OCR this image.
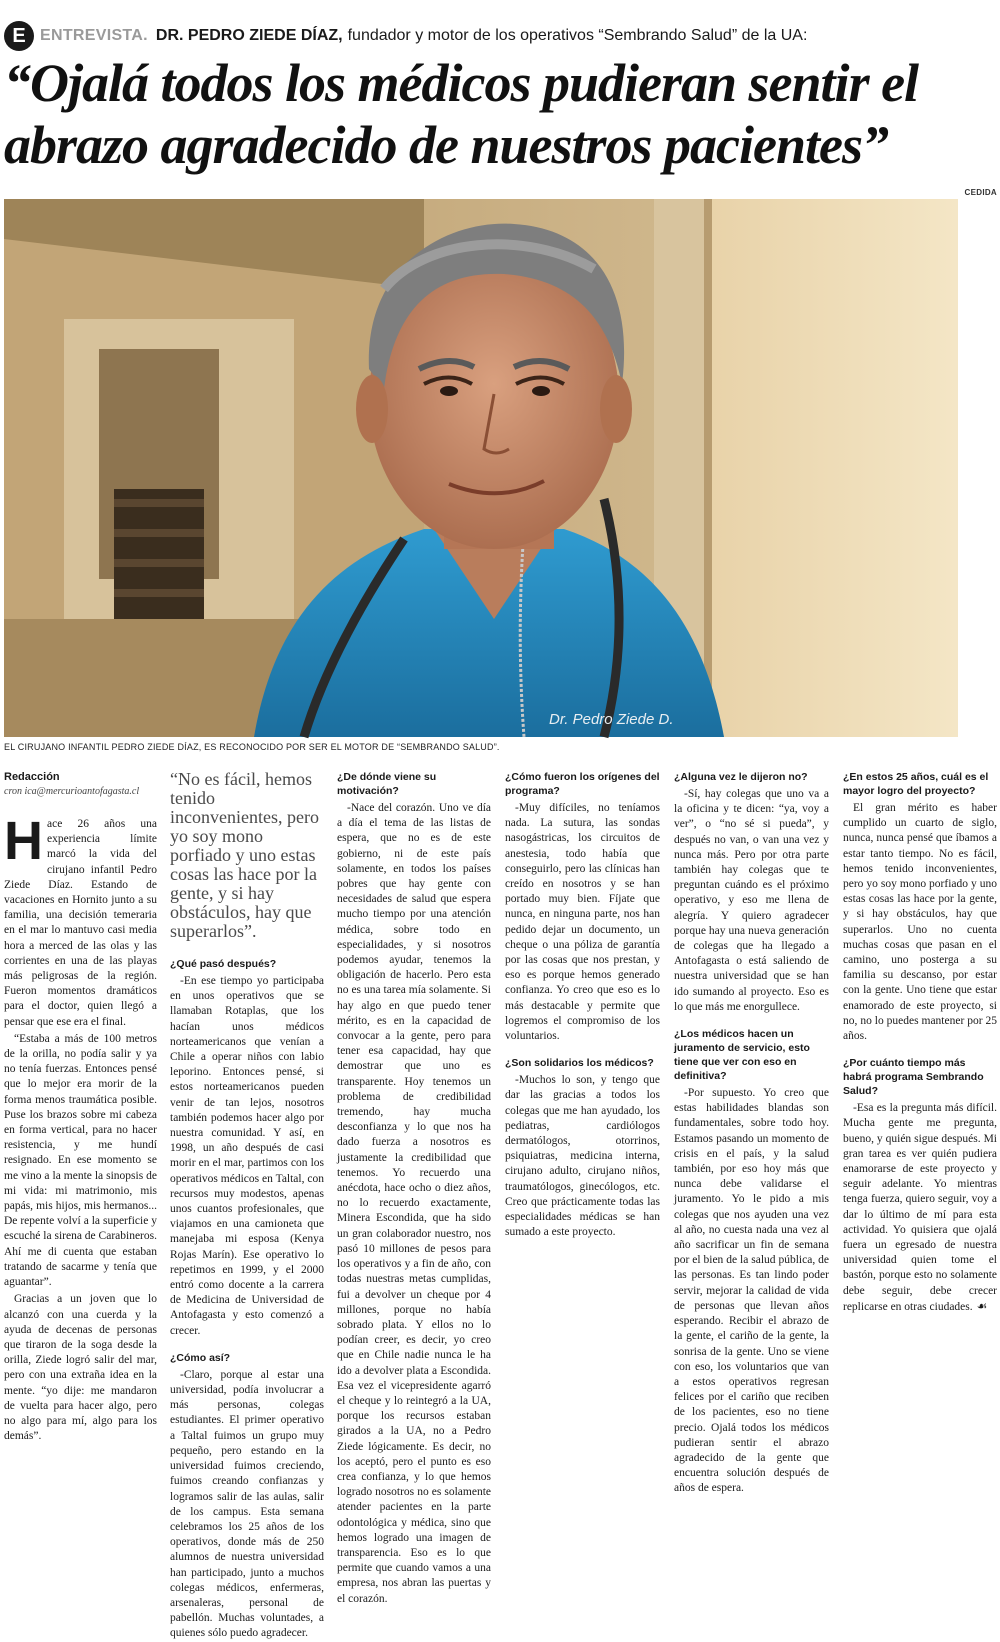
E ENTREVISTA. DR. PEDRO ZIEDE DÍAZ, fundador y motor de los operativos “Sembrando Salud” de la UA:
“Ojalá todos los médicos pudieran sentir el
abrazo agradecido de nuestros pacientes”
CEDIDA
Dr. Pedro Ziede D.
EL CIRUJANO INFANTIL PEDRO ZIEDE DÍAZ, ES RECONOCIDO POR SER EL MOTOR DE “SEMBRANDO SALUD”.
Redacción
cron ica@mercurioantofagasta.cl

Hace 26 años una experiencia límite marcó la vida del cirujano infantil Pedro Ziede Díaz. Estando de vacaciones en Hornito junto a su familia, una decisión temeraria en el mar lo mantuvo casi media hora a merced de las olas y las corrientes en una de las playas más peligrosas de la región. Fueron momentos dramáticos para el doctor, quien llegó a pensar que ese era el final.

“Estaba a más de 100 metros de la orilla, no podía salir y ya no tenía fuerzas. Entonces pensé que lo mejor era morir de la forma menos traumática posible. Puse los brazos sobre mi cabeza en forma vertical, para no hacer resistencia, y me hundí resignado. En ese momento se me vino a la mente la sinopsis de mi vida: mi matrimonio, mis papás, mis hijos, mis hermanos... De repente volví a la superficie y escuché la sirena de Carabineros. Ahí me di cuenta que estaban tratando de sacarme y tenía que aguantar”.

Gracias a un joven que lo alcanzó con una cuerda y la ayuda de decenas de personas que tiraron de la soga desde la orilla, Ziede logró salir del mar, pero con una extraña idea en la mente. “yo dije: me mandaron de vuelta para hacer algo, pero no algo para mí, algo para los demás”.

“No es fácil, hemos tenido inconvenientes, pero yo soy mono porfiado y uno estas cosas las hace por la gente, y si hay obstáculos, hay que superarlos”.
¿Qué pasó después?

-En ese tiempo yo participaba en unos operativos que se llamaban Rotaplas, que los hacían unos médicos norteamericanos que venían a Chile a operar niños con labio leporino. Entonces pensé, si estos norteamericanos pueden venir de tan lejos, nosotros también podemos hacer algo por nuestra comunidad. Y así, en 1998, un año después de casi morir en el mar, partimos con los operativos médicos en Taltal, con recursos muy modestos, apenas unos cuantos profesionales, que viajamos en una camioneta que manejaba mi esposa (Kenya Rojas Marín). Ese operativo lo repetimos en 1999, y el 2000 entró como docente a la carrera de Medicina de Universidad de Antofagasta y esto comenzó a crecer.

¿Cómo así?

-Claro, porque al estar una universidad, podía involucrar a más personas, colegas estudiantes. El primer operativo a Taltal fuimos un grupo muy pequeño, pero estando en la universidad fuimos creciendo, fuimos creando confianzas y logramos salir de las aulas, salir de los campus. Esta semana celebramos los 25 años de los operativos, donde más de 250 alumnos de nuestra universidad han participado, junto a muchos colegas médicos, enfermeras, arsenaleras, personal de pabellón. Muchas voluntades, a quienes sólo puedo agradecer.

¿De dónde viene su motivación?

-Nace del corazón. Uno ve día a día el tema de las listas de espera, que no es de este gobierno, ni de este país solamente, en todos los países pobres que hay gente con necesidades de salud que espera mucho tiempo por una atención médica, sobre todo en especialidades, y si nosotros podemos ayudar, tenemos la obligación de hacerlo. Pero esta no es una tarea mía solamente. Si hay algo en que puedo tener mérito, es en la capacidad de convocar a la gente, pero para tener esa capacidad, hay que demostrar que uno es transparente. Hoy tenemos un problema de credibilidad tremendo, hay mucha desconfianza y lo que nos ha dado fuerza a nosotros es justamente la credibilidad que tenemos. Yo recuerdo una anécdota, hace ocho o diez años, no lo recuerdo exactamente, Minera Escondida, que ha sido un gran colaborador nuestro, nos pasó 10 millones de pesos para los operativos y a fin de año, con todas nuestras metas cumplidas, fui a devolver un cheque por 4 millones, porque no había sobrado plata. Y ellos no lo podían creer, es decir, yo creo que en Chile nadie nunca le ha ido a devolver plata a Escondida. Esa vez el vicepresidente agarró el cheque y lo reintegró a la UA, porque los recursos estaban girados a la UA, no a Pedro Ziede lógicamente. Es decir, no los aceptó, pero el punto es eso crea confianza, y lo que hemos logrado nosotros no es solamente atender pacientes en la parte odontológica y médica, sino que hemos logrado una imagen de transparencia. Eso es lo que permite que cuando vamos a una empresa, nos abran las puertas y el corazón.

¿Cómo fueron los orígenes del programa?

-Muy difíciles, no teníamos nada. La sutura, las sondas nasogástricas, los circuitos de anestesia, todo había que conseguirlo, pero las clínicas han creído en nosotros y se han portado muy bien. Fíjate que nunca, en ninguna parte, nos han pedido dejar un documento, un cheque o una póliza de garantía por las cosas que nos prestan, y eso es porque hemos generado confianza. Yo creo que eso es lo más destacable y permite que logremos el compromiso de los voluntarios.

¿Son solidarios los médicos?

-Muchos lo son, y tengo que dar las gracias a todos los colegas que me han ayudado, los pediatras, cardiólogos dermatólogos, otorrinos, psiquiatras, medicina interna, cirujano adulto, cirujano niños, traumatólogos, ginecólogos, etc. Creo que prácticamente todas las especialidades médicas se han sumado a este proyecto.

¿Alguna vez le dijeron no?

-Sí, hay colegas que uno va a la oficina y te dicen: “ya, voy a ver”, o “no sé si pueda”, y después no van, o van una vez y nunca más. Pero por otra parte también hay colegas que te preguntan cuándo es el próximo operativo, y eso me llena de alegría. Y quiero agradecer porque hay una nueva generación de colegas que ha llegado a Antofagasta o está saliendo de nuestra universidad que se han ido sumando al proyecto. Eso es lo que más me enorgullece.

¿Los médicos hacen un juramento de servicio, esto tiene que ver con eso en definitiva?

-Por supuesto. Yo creo que estas habilidades blandas son fundamentales, sobre todo hoy. Estamos pasando un momento de crisis en el país, y la salud también, por eso hoy más que nunca debe validarse el juramento. Yo le pido a mis colegas que nos ayuden una vez al año, no cuesta nada una vez al año sacrificar un fin de semana por el bien de la salud pública, de las personas. Es tan lindo poder servir, mejorar la calidad de vida de personas que llevan años esperando. Recibir el abrazo de la gente, el cariño de la gente, la sonrisa de la gente. Uno se viene con eso, los voluntarios que van a estos operativos regresan felices por el cariño que reciben de los pacientes, eso no tiene precio. Ojalá todos los médicos pudieran sentir el abrazo agradecido de la gente que encuentra solución después de años de espera.

¿En estos 25 años, cuál es el mayor logro del proyecto?

El gran mérito es haber cumplido un cuarto de siglo, nunca, nunca pensé que íbamos a estar tanto tiempo. No es fácil, hemos tenido inconvenientes, pero yo soy mono porfiado y uno estas cosas las hace por la gente, y si hay obstáculos, hay que superarlos. Uno no cuenta muchas cosas que pasan en el camino, uno posterga a su familia su descanso, por estar con la gente. Uno tiene que estar enamorado de este proyecto, si no, no lo puedes mantener por 25 años.

¿Por cuánto tiempo más habrá programa Sembrando Salud?

-Esa es la pregunta más difícil. Mucha gente me pregunta, bueno, y quién sigue después. Mi gran tarea es ver quién pudiera enamorarse de este proyecto y seguir adelante. Yo mientras tenga fuerza, quiero seguir, voy a dar lo último de mí para esta actividad. Yo quisiera que ojalá fuera un egresado de nuestra universidad quien tome el bastón, porque esto no solamente debe seguir, debe crecer replicarse en otras ciudades. ☙
